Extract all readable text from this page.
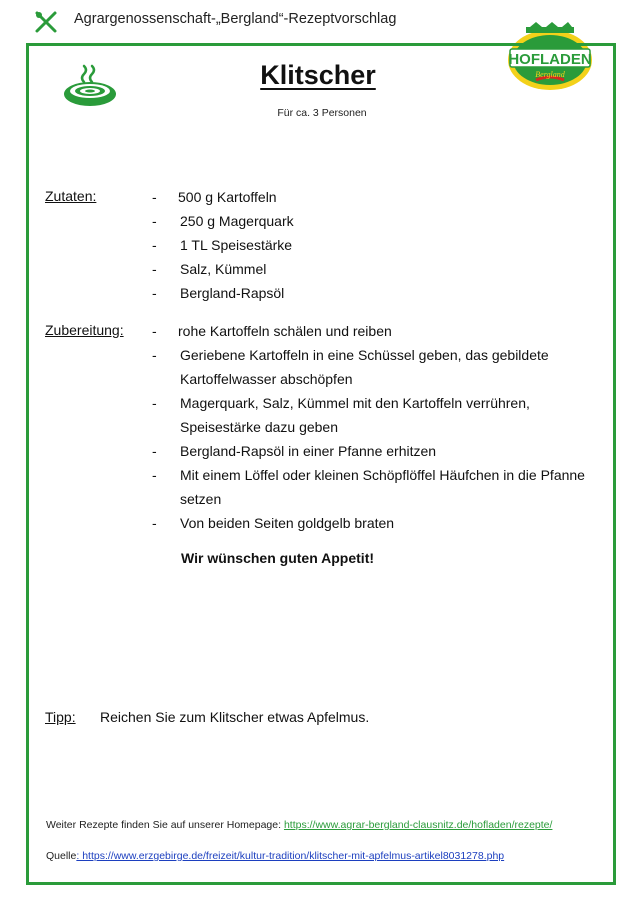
Agrargenossenschaft-„Bergland“-Rezeptvorschlag
HOFLADEN
Bergland
Klitscher
Für ca. 3 Personen
Zutaten:	- 500 g Kartoffeln
- 250 g Magerquark
- 1 TL Speisestärke
- Salz, Kümmel
- Bergland-Rapsöl
Zubereitung:	- rohe Kartoffeln schälen und reiben
- Geriebene Kartoffeln in eine Schüssel geben, das gebildete Kartoffelwasser abschöpfen
- Magerquark, Salz, Kümmel mit den Kartoffeln verrühren, Speisestärke dazu geben
- Bergland-Rapsöl in einer Pfanne erhitzen
- Mit einem Löffel oder kleinen Schöpflöffel Häufchen in die Pfanne setzen
- Von beiden Seiten goldgelb braten
Wir wünschen guten Appetit!
Tipp: Reichen Sie zum Klitscher etwas Apfelmus.
Weiter Rezepte finden Sie auf unserer Homepage: https://www.agrar-bergland-clausnitz.de/hofladen/rezepte/
Quelle: https://www.erzgebirge.de/freizeit/kultur-tradition/klitscher-mit-apfelmus-artikel8031278.php
